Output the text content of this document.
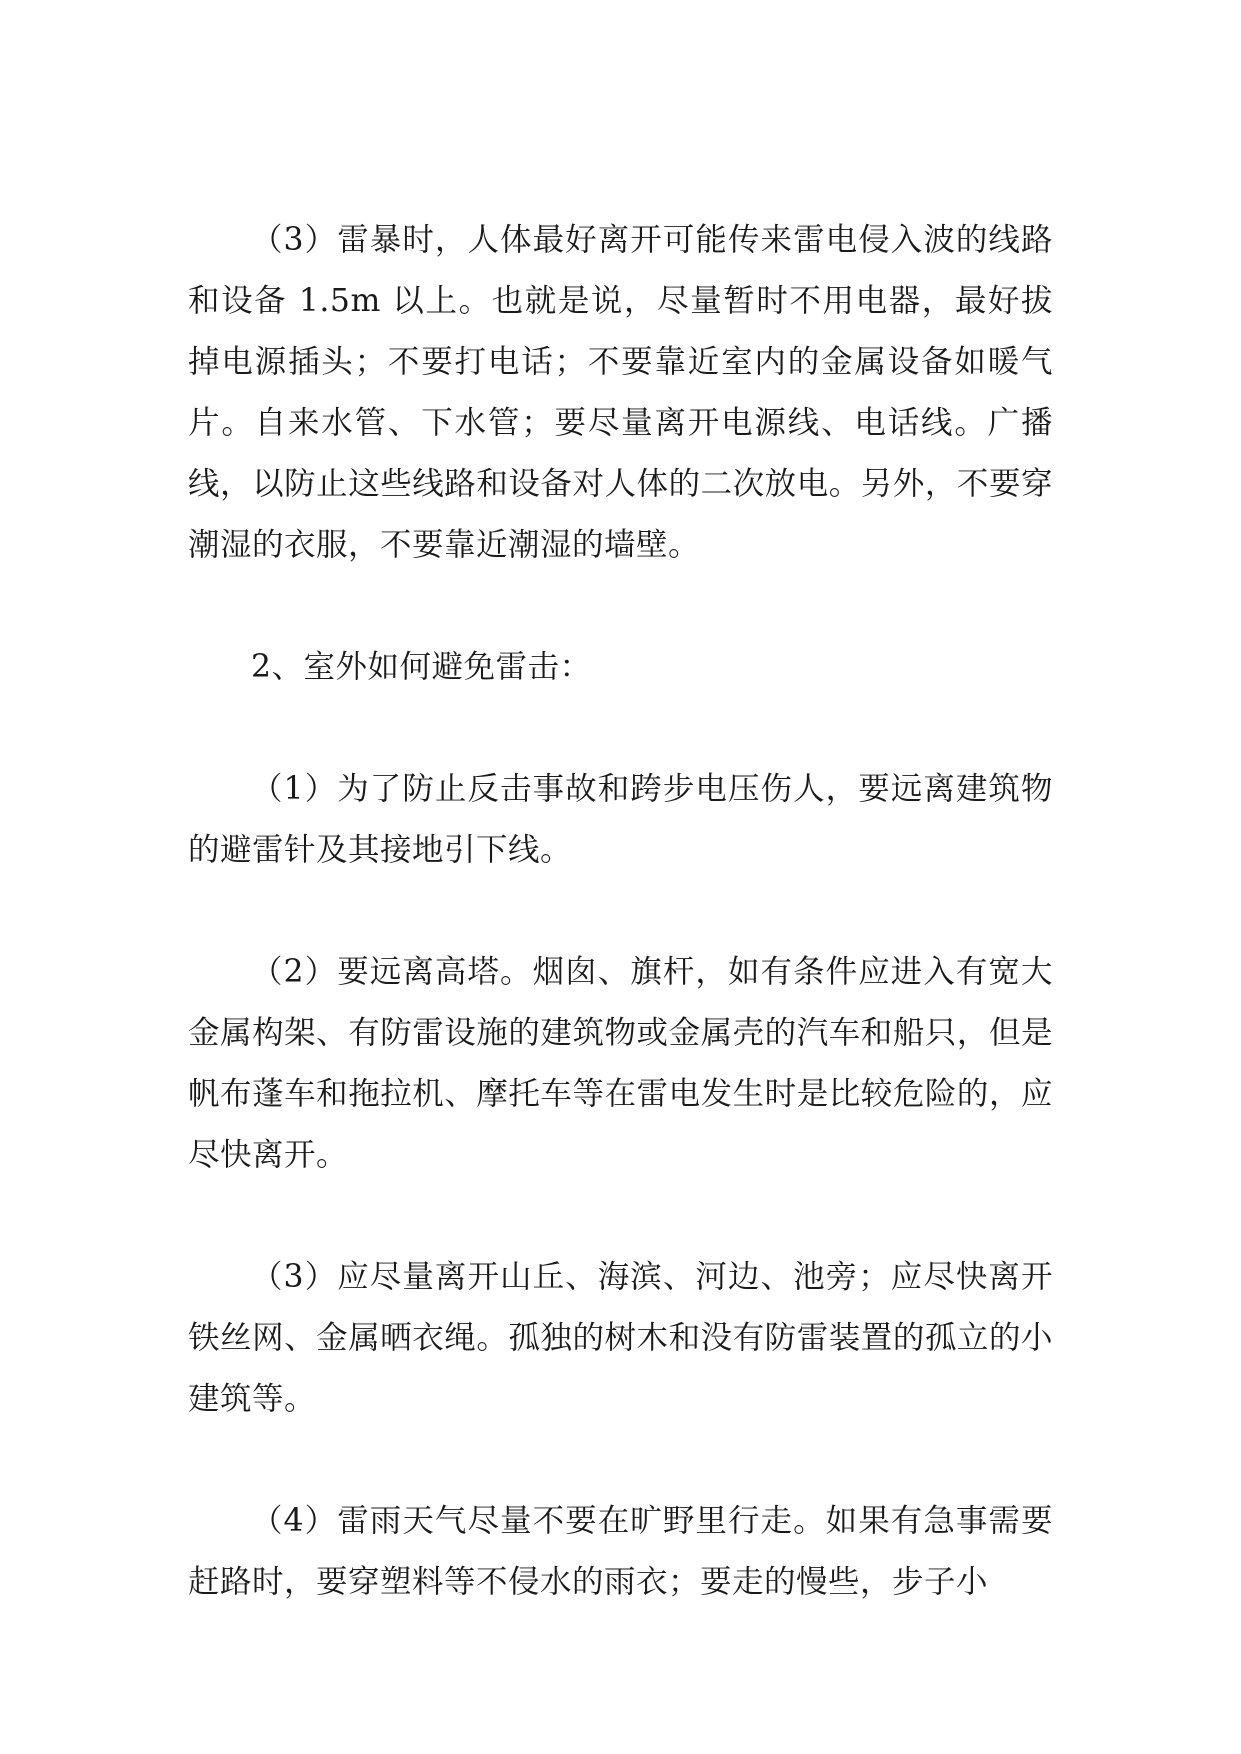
（3）雷暴时，人体最好离开可能传来雷电侵入波的线路和设备 1.5m 以上。也就是说，尽量暂时不用电器，最好拔掉电源插头；不要打电话；不要靠近室内的金属设备如暖气片。自来水管、下水管；要尽量离开电源线、电话线。广播线，以防止这些线路和设备对人体的二次放电。另外，不要穿潮湿的衣服，不要靠近潮湿的墙壁。

2、室外如何避免雷击：

（1）为了防止反击事故和跨步电压伤人，要远离建筑物的避雷针及其接地引下线。

（2）要远离高塔。烟囱、旗杆，如有条件应进入有宽大金属构架、有防雷设施的建筑物或金属壳的汽车和船只，但是帆布蓬车和拖拉机、摩托车等在雷电发生时是比较危险的，应尽快离开。

（3）应尽量离开山丘、海滨、河边、池旁；应尽快离开铁丝网、金属晒衣绳。孤独的树木和没有防雷装置的孤立的小建筑等。

（4）雷雨天气尽量不要在旷野里行走。如果有急事需要赶路时，要穿塑料等不侵水的雨衣；要走的慢些，步子小
